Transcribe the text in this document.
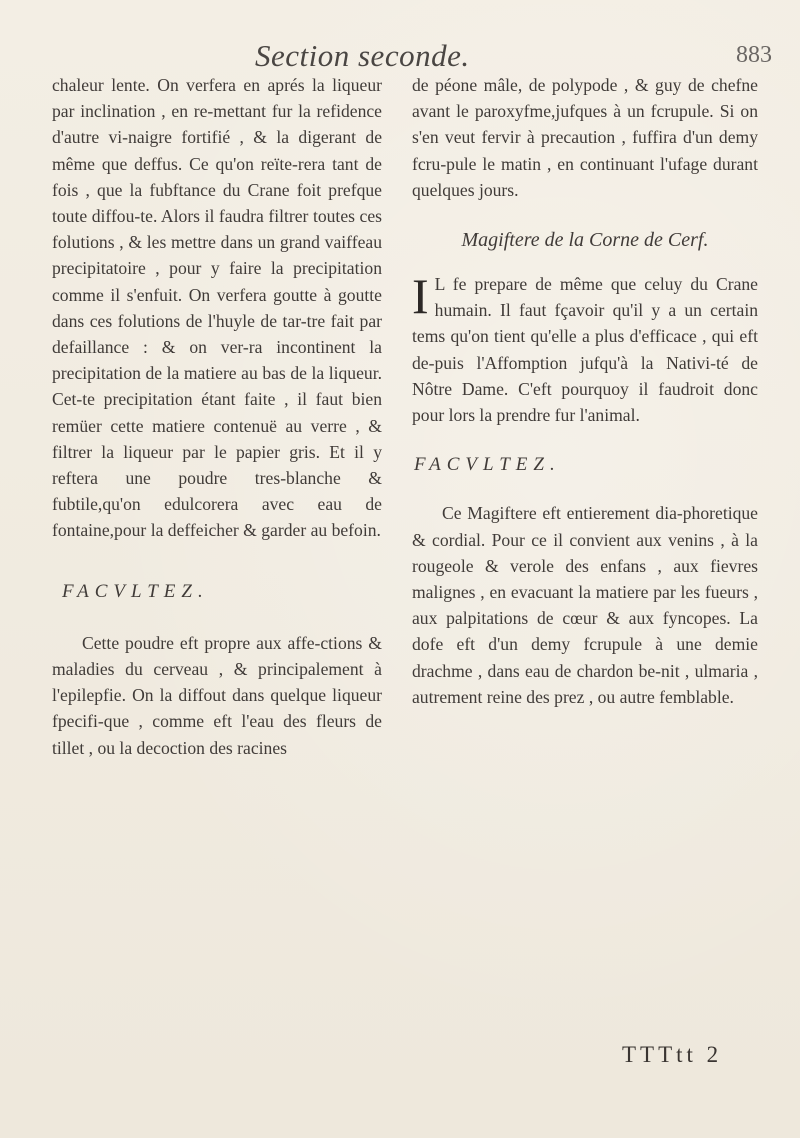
Section seconde.	883

chaleur lente. On verfera en aprés la liqueur par inclination , en re-mettant fur la refidence d'autre vi-naigre fortifié , & la digerant de même que deffus. Ce qu'on reïte-rera tant de fois , que la fubftance du Crane foit prefque toute diffou-te. Alors il faudra filtrer toutes ces folutions , & les mettre dans un grand vaiffeau precipitatoire , pour y faire la precipitation comme il s'enfuit. On verfera goutte à goutte dans ces folutions de l'huyle de tar-tre fait par defaillance : & on ver-ra incontinent la precipitation de la matiere au bas de la liqueur. Cet-te precipitation étant faite , il faut bien remüer cette matiere contenuë au verre , & filtrer la liqueur par le papier gris. Et il y reftera une poudre tres-blanche & fubtile,qu'on edulcorera avec eau de fontaine,pour la deffeicher & garder au befoin.

FACVLTEZ.

Cette poudre eft propre aux affe-ctions & maladies du cerveau , & principalement à l'epilepfie. On la diffout dans quelque liqueur fpecifi-que , comme eft l'eau des fleurs de tillet , ou la decoction des racines

de péone mâle, de polypode , & guy de chefne avant le paroxyfme,jufques à un fcrupule. Si on s'en veut fervir à precaution , fuffira d'un demy fcru-pule le matin , en continuant l'ufage durant quelques jours.

Magiftere de la Corne de Cerf.

I L fe prepare de même que celuy du Crane humain. Il faut fçavoir qu'il y a un certain tems qu'on tient qu'elle a plus d'efficace , qui eft de-puis l'Affomption jufqu'à la Nativi-té de Nôtre Dame. C'eft pourquoy il faudroit donc pour lors la prendre fur l'animal.

FACVLTEZ.

Ce Magiftere eft entierement dia-phoretique & cordial. Pour ce il convient aux venins , à la rougeole & verole des enfans , aux fievres malignes , en evacuant la matiere par les fueurs , aux palpitations de cœur & aux fyncopes. La dofe eft d'un demy fcrupule à une demie drachme , dans eau de chardon be-nit , ulmaria , autrement reine des prez , ou autre femblable.

TTTtt 2
